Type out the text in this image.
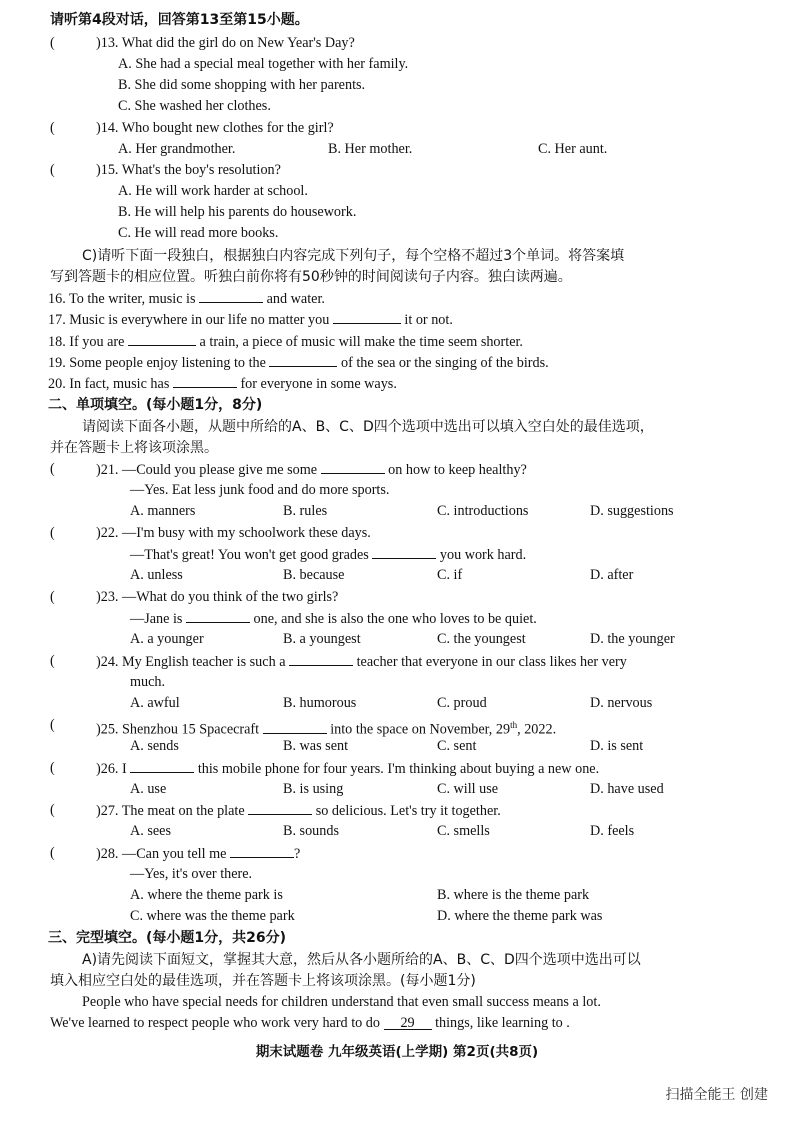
请听第4段对话，回答第13至第15小题。
(	)13. What did the girl do on New Year's Day?
A. She had a special meal together with her family.
B. She did some shopping with her parents.
C. She washed her clothes.
(	)14. Who bought new clothes for the girl?
A. Her grandmother.	B. Her mother.	C. Her aunt.
(	)15. What's the boy's resolution?
A. He will work harder at school.
B. He will help his parents do housework.
C. He will read more books.
C)请听下面一段独白，根据独白内容完成下列句子，每个空格不超过3个单词。将答案填
写到答题卡的相应位置。听独白前你将有50秒钟的时间阅读句子内容。独白读两遍。
16. To the writer, music is	and water.
17. Music is everywhere in our life no matter you	it or not.
18. If you are	a train, a piece of music will make the time seem shorter.
19. Some people enjoy listening to the	of the sea or the singing of the birds.
20. In fact, music has	for everyone in some ways.
二、单项填空。(每小题1分，8分)
请阅读下面各小题，从题中所给的A、B、C、D四个选项中选出可以填入空白处的最佳选项，
并在答题卡上将该项涂黑。
(	)21. —Could you please give me some	on how to keep healthy?
—Yes. Eat less junk food and do more sports.
A. manners	B. rules	C. introductions	D. suggestions
(	)22. —I'm busy with my schoolwork these days.
—That's great! You won't get good grades	you work hard.
A. unless	B. because	C. if	D. after
(	)23. —What do you think of the two girls?
—Jane is	one, and she is also the one who loves to be quiet.
A. a younger	B. a youngest	C. the youngest	D. the younger
(	)24. My English teacher is such a	teacher that everyone in our class likes her very
much.
A. awful	B. humorous	C. proud	D. nervous
(	)25. Shenzhou 15 Spacecraft	into the space on November, 29th, 2022.
A. sends	B. was sent	C. sent	D. is sent
(	)26. I	this mobile phone for four years. I'm thinking about buying a new one.
A. use	B. is using	C. will use	D. have used
(	)27. The meat on the plate	so delicious. Let's try it together.
A. sees	B. sounds	C. smells	D. feels
(	)28. —Can you tell me	?
—Yes, it's over there.
A. where the theme park is	B. where is the theme park
C. where was the theme park	D. where the theme park was
三、完型填空。(每小题1分，共26分)
A)请先阅读下面短文，掌握其大意，然后从各小题所给的A、B、C、D四个选项中选出可以
填入相应空白处的最佳选项，并在答题卡上将该项涂黑。(每小题1分)
People who have special needs for children understand that even small success means a lot.
We've learned to respect people who work very hard to do 29 things, like learning to .
期末试题卷 九年级英语(上学期) 第2页(共8页)
扫描全能王 创建
